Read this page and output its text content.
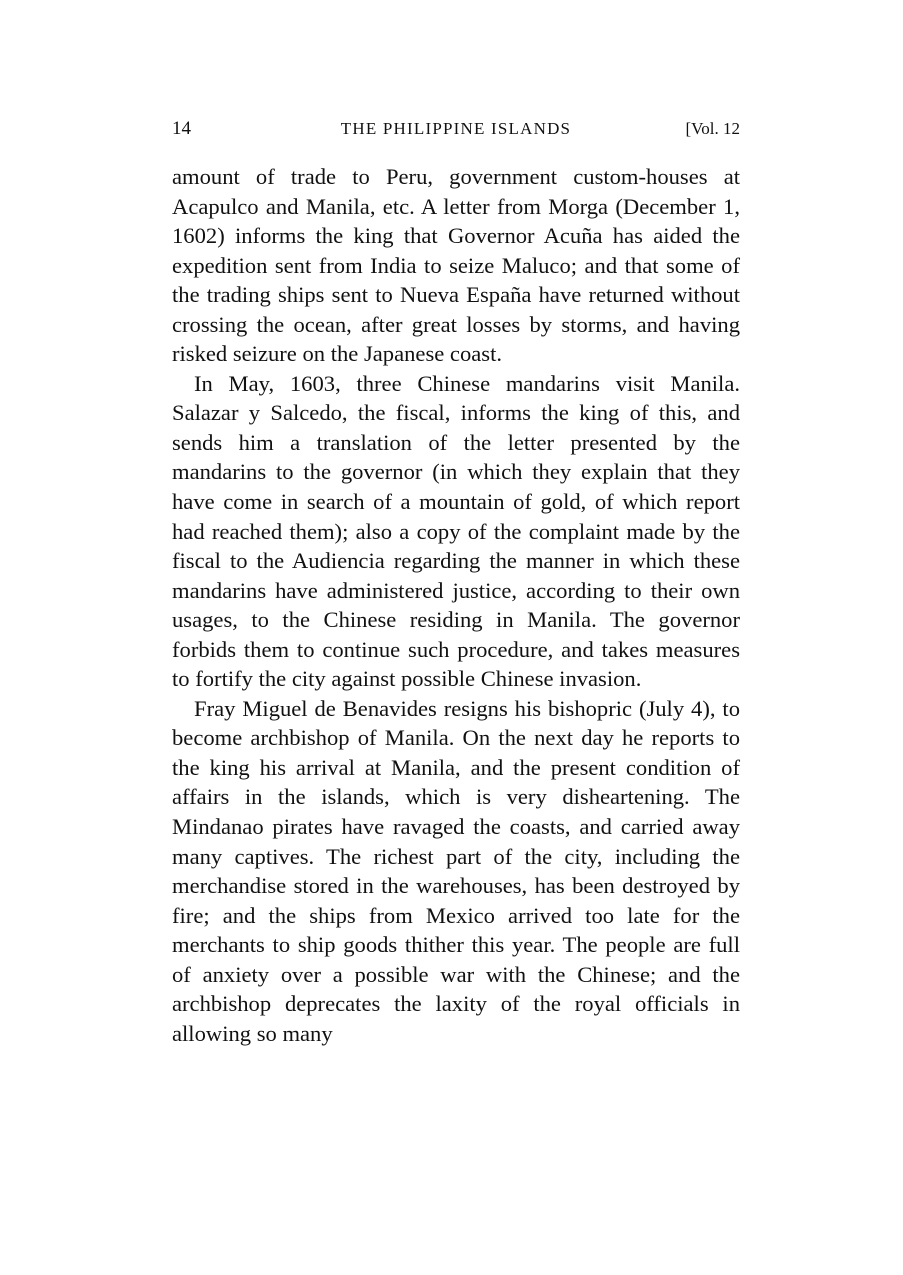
14	THE PHILIPPINE ISLANDS	[Vol. 12

amount of trade to Peru, government custom-houses at Acapulco and Manila, etc. A letter from Morga (December 1, 1602) informs the king that Governor Acuña has aided the expedition sent from India to seize Maluco; and that some of the trading ships sent to Nueva España have returned without crossing the ocean, after great losses by storms, and having risked seizure on the Japanese coast.

In May, 1603, three Chinese mandarins visit Manila. Salazar y Salcedo, the fiscal, informs the king of this, and sends him a translation of the letter presented by the mandarins to the governor (in which they explain that they have come in search of a mountain of gold, of which report had reached them); also a copy of the complaint made by the fiscal to the Audiencia regarding the manner in which these mandarins have administered justice, according to their own usages, to the Chinese residing in Manila. The governor forbids them to continue such procedure, and takes measures to fortify the city against possible Chinese invasion.

Fray Miguel de Benavides resigns his bishopric (July 4), to become archbishop of Manila. On the next day he reports to the king his arrival at Manila, and the present condition of affairs in the islands, which is very disheartening. The Mindanao pirates have ravaged the coasts, and carried away many captives. The richest part of the city, including the merchandise stored in the warehouses, has been destroyed by fire; and the ships from Mexico arrived too late for the merchants to ship goods thither this year. The people are full of anxiety over a possible war with the Chinese; and the archbishop deprecates the laxity of the royal officials in allowing so many
